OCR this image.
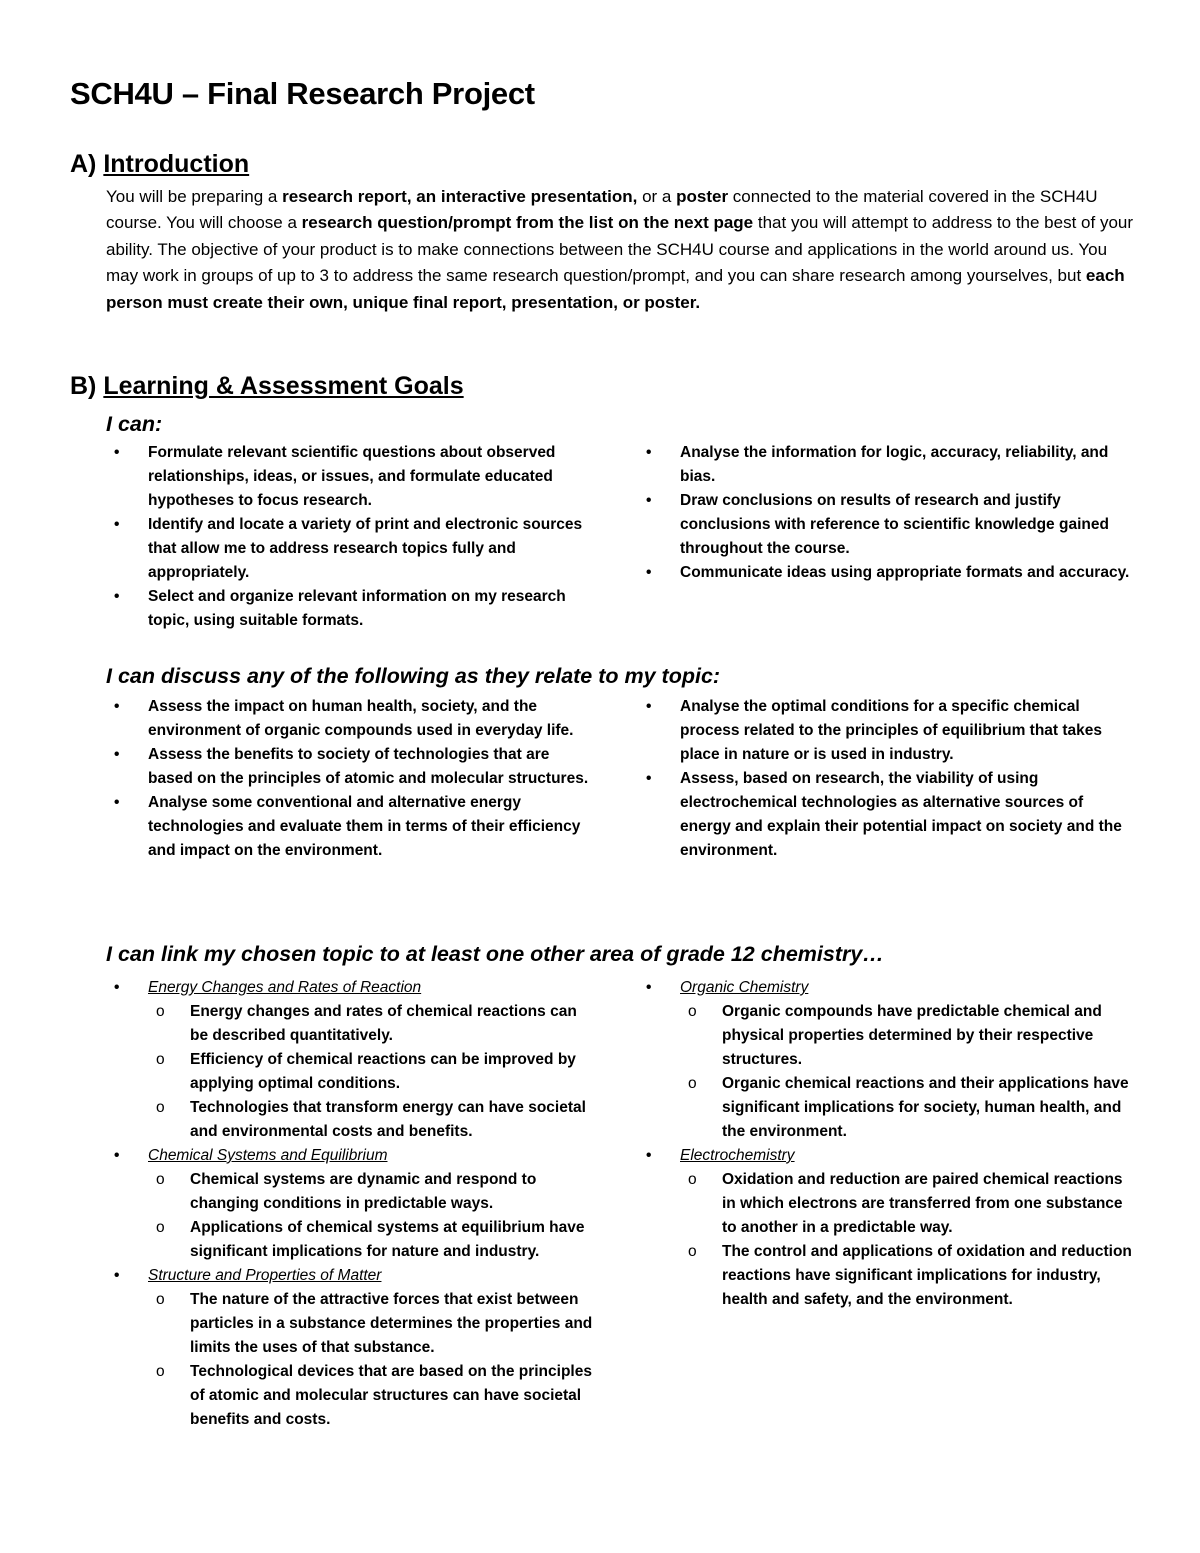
SCH4U – Final Research Project
A) Introduction
You will be preparing a research report, an interactive presentation, or a poster connected to the material covered in the SCH4U course. You will choose a research question/prompt from the list on the next page that you will attempt to address to the best of your ability. The objective of your product is to make connections between the SCH4U course and applications in the world around us. You may work in groups of up to 3 to address the same research question/prompt, and you can share research among yourselves, but each person must create their own, unique final report, presentation, or poster.
B) Learning & Assessment Goals
I can:
• Formulate relevant scientific questions about observed relationships, ideas, or issues, and formulate educated hypotheses to focus research.
• Identify and locate a variety of print and electronic sources that allow me to address research topics fully and appropriately.
• Select and organize relevant information on my research topic, using suitable formats.
• Analyse the information for logic, accuracy, reliability, and bias.
• Draw conclusions on results of research and justify conclusions with reference to scientific knowledge gained throughout the course.
• Communicate ideas using appropriate formats and accuracy.
I can discuss any of the following as they relate to my topic:
• Assess the impact on human health, society, and the environment of organic compounds used in everyday life.
• Assess the benefits to society of technologies that are based on the principles of atomic and molecular structures.
• Analyse some conventional and alternative energy technologies and evaluate them in terms of their efficiency and impact on the environment.
• Analyse the optimal conditions for a specific chemical process related to the principles of equilibrium that takes place in nature or is used in industry.
• Assess, based on research, the viability of using electrochemical technologies as alternative sources of energy and explain their potential impact on society and the environment.
I can link my chosen topic to at least one other area of grade 12 chemistry…
• Energy Changes and Rates of Reaction
o Energy changes and rates of chemical reactions can be described quantitatively.
o Efficiency of chemical reactions can be improved by applying optimal conditions.
o Technologies that transform energy can have societal and environmental costs and benefits.
• Chemical Systems and Equilibrium
o Chemical systems are dynamic and respond to changing conditions in predictable ways.
o Applications of chemical systems at equilibrium have significant implications for nature and industry.
• Structure and Properties of Matter
o The nature of the attractive forces that exist between particles in a substance determines the properties and limits the uses of that substance.
o Technological devices that are based on the principles of atomic and molecular structures can have societal benefits and costs.
• Organic Chemistry
o Organic compounds have predictable chemical and physical properties determined by their respective structures.
o Organic chemical reactions and their applications have significant implications for society, human health, and the environment.
• Electrochemistry
o Oxidation and reduction are paired chemical reactions in which electrons are transferred from one substance to another in a predictable way.
o The control and applications of oxidation and reduction reactions have significant implications for industry, health and safety, and the environment.
